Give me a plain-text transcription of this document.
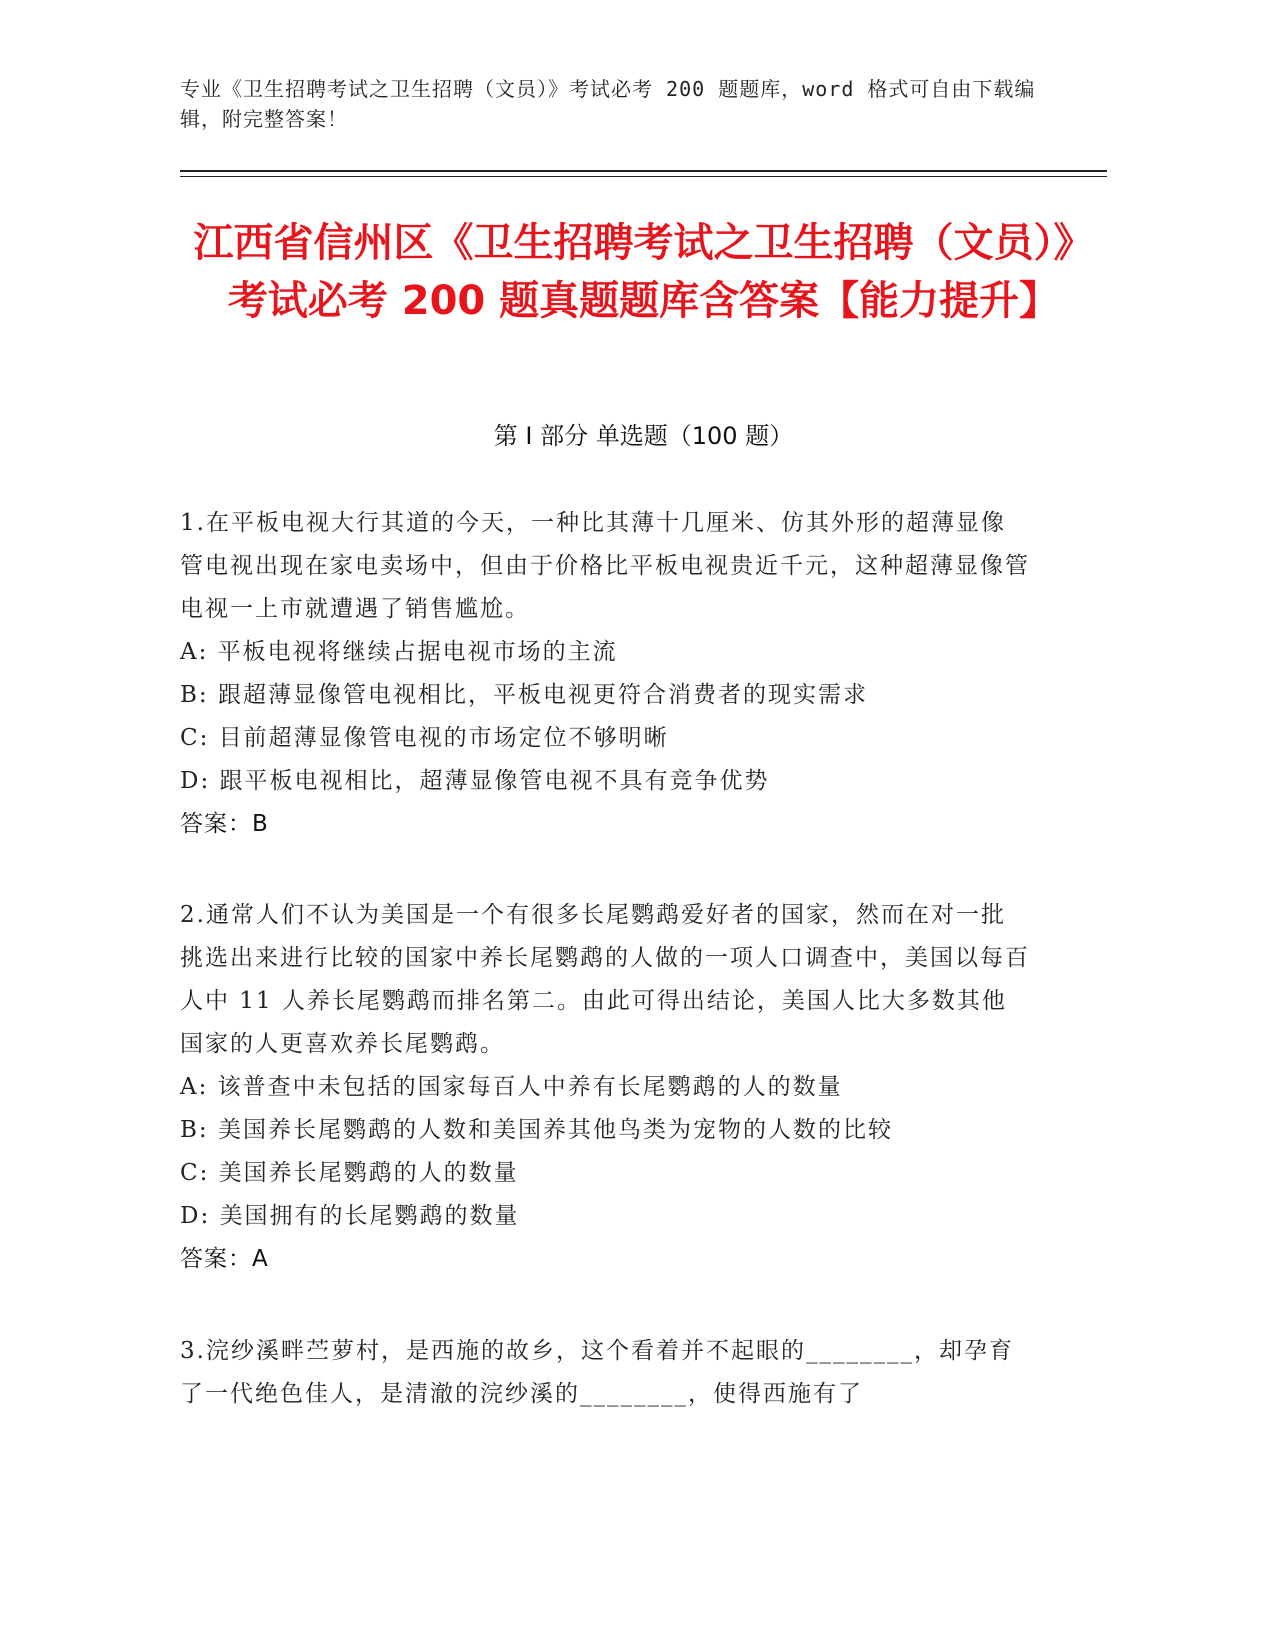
专业《卫生招聘考试之卫生招聘（文员）》考试必考 200 题题库，word 格式可自由下载编辑，附完整答案！
江西省信州区《卫生招聘考试之卫生招聘（文员）》考试必考 200 题真题题库含答案【能力提升】
第 I 部分 单选题（100 题）

1.在平板电视大行其道的今天，一种比其薄十几厘米、仿其外形的超薄显像管电视出现在家电卖场中，但由于价格比平板电视贵近千元，这种超薄显像管电视一上市就遭遇了销售尴尬。

A: 平板电视将继续占据电视市场的主流

B: 跟超薄显像管电视相比，平板电视更符合消费者的现实需求

C: 目前超薄显像管电视的市场定位不够明晰

D: 跟平板电视相比，超薄显像管电视不具有竞争优势

答案：B

2.通常人们不认为美国是一个有很多长尾鹦鹉爱好者的国家，然而在对一批挑选出来进行比较的国家中养长尾鹦鹉的人做的一项人口调查中，美国以每百人中 11 人养长尾鹦鹉而排名第二。由此可得出结论，美国人比大多数其他国家的人更喜欢养长尾鹦鹉。

A: 该普查中未包括的国家每百人中养有长尾鹦鹉的人的数量

B: 美国养长尾鹦鹉的人数和美国养其他鸟类为宠物的人数的比较

C: 美国养长尾鹦鹉的人的数量

D: 美国拥有的长尾鹦鹉的数量

答案：A

3.浣纱溪畔苎萝村，是西施的故乡，这个看着并不起眼的________，却孕育了一代绝色佳人，是清澈的浣纱溪的________，使得西施有了
